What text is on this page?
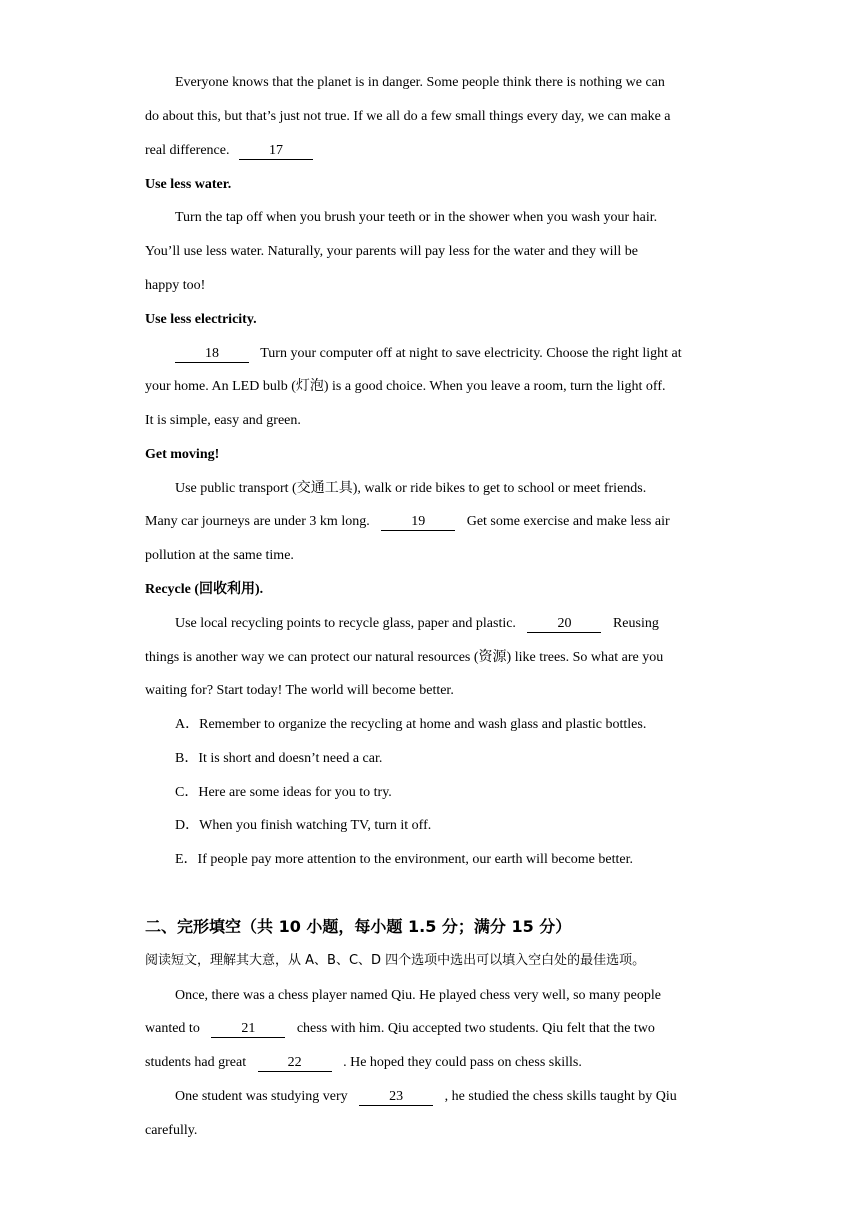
Everyone knows that the planet is in danger. Some people think there is nothing we can
do about this, but that’s just not true. If we all do a few small things every day, we can make a
real difference.	17
Use less water.
Turn the tap off when you brush your teeth or in the shower when you wash your hair.
You’ll use less water. Naturally, your parents will pay less for the water and they will be
happy too!
Use less electricity.
18	Turn your computer off at night to save electricity. Choose the right light at
your home. An LED bulb (灯泡) is a good choice. When you leave a room, turn the light off.
It is simple, easy and green.
Get moving!
Use public transport (交通工具), walk or ride bikes to get to school or meet friends.
Many car journeys are under 3 km long.	19	Get some exercise and make less air
pollution at the same time.
Recycle (回收利用).
Use local recycling points to recycle glass, paper and plastic.	20	Reusing
things is another way we can protect our natural resources (资源) like trees. So what are you
waiting for? Start today! The world will become better.
A．Remember to organize the recycling at home and wash glass and plastic bottles.
B．It is short and doesn’t need a car.
C．Here are some ideas for you to try.
D．When you finish watching TV, turn it off.
E．If people pay more attention to the environment, our earth will become better.
二、完形填空（共 10 小题，每小题 1.5 分；满分 15 分）
阅读短文，理解其大意，从 A、B、C、D 四个选项中选出可以填入空白处的最佳选项。
Once, there was a chess player named Qiu. He played chess very well, so many people
wanted to	21	chess with him. Qiu accepted two students. Qiu felt that the two
students had great	22	. He hoped they could pass on chess skills.
One student was studying very	23	, he studied the chess skills taught by Qiu
carefully.
